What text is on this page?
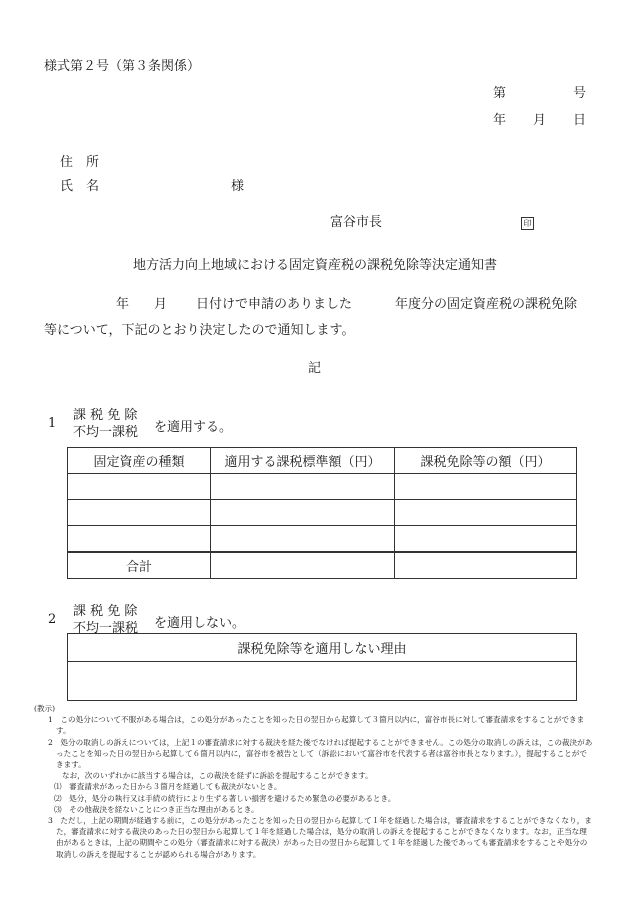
様式第２号（第３条関係）
第	号
年 月 日
住　所
氏　名	様
富谷市長	印
地方活力向上地域における固定資産税の課税免除等決定通知書
年 月 日付けで申請のありました	年度分の固定資産税の課税免除
等について，下記のとおり決定したので通知します。
記
1
課 税 免 除
不均一課税 を適用する。
固定資産の種類	適用する課税標準額（円）	課税免除等の額（円）

合計		
2
課 税 免 除
不均一課税 を適用しない。
課税免除等を適用しない理由

(教示)

1　この処分について不服がある場合は，この処分があったことを知った日の翌日から起算して３箇月以内に，富谷市長に対して審査請求をすることができます。

2　処分の取消しの訴えについては，上記１の審査請求に対する裁決を経た後でなければ提起することができません。この処分の取消しの訴えは，この裁決があったことを知った日の翌日から起算して６箇月以内に，富谷市を被告として（訴訟において富谷市を代表する者は富谷市長となります。），提起することができます。

なお，次のいずれかに該当する場合は，この裁決を経ずに訴訟を提起することができます。

⑴　審査請求があった日から３箇月を経過しても裁決がないとき。

⑵　処分，処分の執行又は手続の続行により生ずる著しい損害を避けるため緊急の必要があるとき。

⑶　その他裁決を経ないことにつき正当な理由があるとき。

3　ただし，上記の期間が経過する前に，この処分があったことを知った日の翌日から起算して１年を経過した場合は，審査請求をすることができなくなり，また，審査請求に対する裁決のあった日の翌日から起算して１年を経過した場合は，処分の取消しの訴えを提起することができなくなります。なお，正当な理由があるときは，上記の期間やこの処分（審査請求に対する裁決）があった日の翌日から起算して１年を経過した後であっても審査請求をすることや処分の取消しの訴えを提起することが認められる場合があります。
